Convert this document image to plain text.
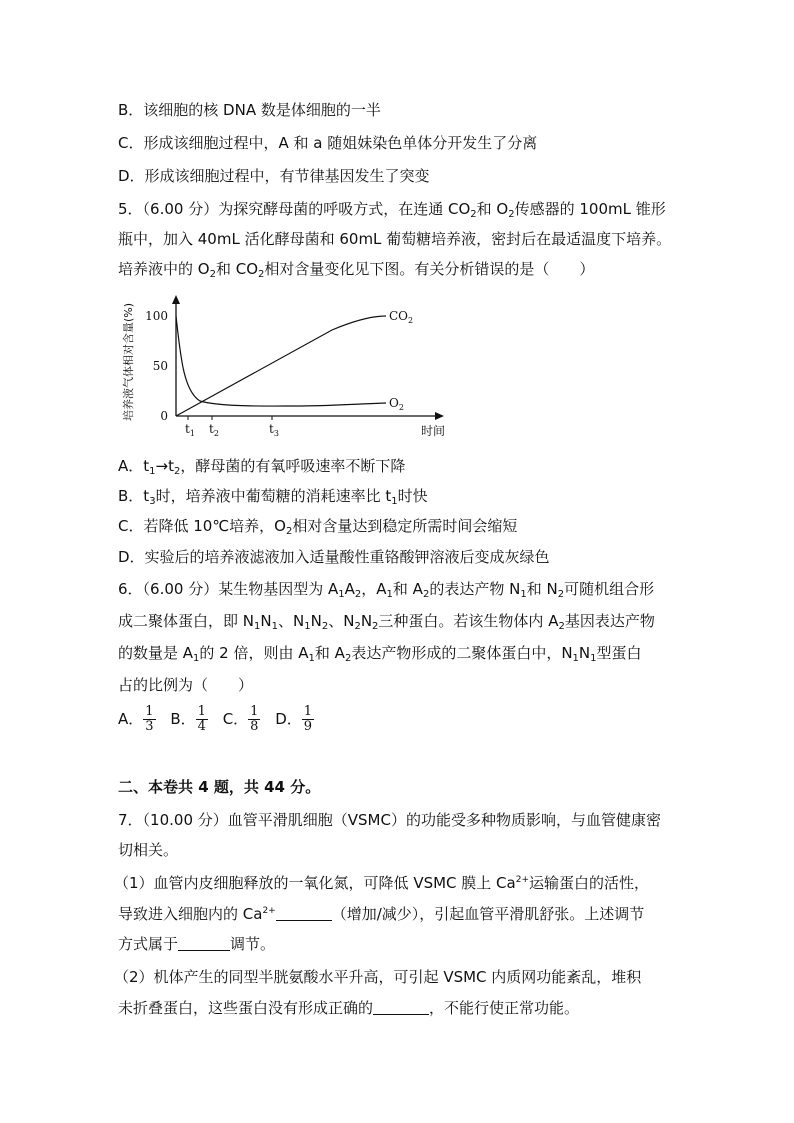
B．该细胞的核 DNA 数是体细胞的一半
C．形成该细胞过程中，A 和 a 随姐妹染色单体分开发生了分离
D．形成该细胞过程中，有节律基因发生了突变
5．（6.00 分）为探究酵母菌的呼吸方式，在连通 $CO_2$和 $O_2$传感器的 100mL 锥形
瓶中，加入 40mL 活化酵母菌和 60mL 葡萄糖培养液，密封后在最适温度下培养。
培养液中的 $O_2$和 $CO_2$相对含量变化见下图。有关分析错误的是（　　）
培养液气体相对含量(%)	$CO_2$
$O_2$
100
50
0
$t_1$ $t_2$	$t_3$	时间
A．$t_1\to t_2$，酵母菌的有氧呼吸速率不断下降
B．$t_3$时，培养液中葡萄糖的消耗速率比 $t_1$时快
C．若降低 10℃培养，$O_2$相对含量达到稳定所需时间会缩短
D．实验后的培养液滤液加入适量酸性重铬酸钾溶液后变成灰绿色
6．（6.00 分）某生物基因型为 $A_1A_2$，$A_1$和 $A_2$的表达产物 $N_1$和 $N_2$可随机组合形
成二聚体蛋白，即 $N_1N_1$、$N_1N_2$、$N_2N_2$三种蛋白。若该生物体内 $A_2$基因表达产物
的数量是 $A_1$的 2 倍，则由 $A_1$和 $A_2$表达产物形成的二聚体蛋白中，$N_1N_1$型蛋白
占的比例为（　　）
A． $\frac{1}{3}$ B． $\frac{1}{4}$ C． $\frac{1}{8}$ D． $\frac{1}{9}$
二、本卷共 4 题，共 44 分。
7．（10.00 分）血管平滑肌细胞（VSMC）的功能受多种物质影响，与血管健康密
切相关。
（1）血管内皮细胞释放的一氧化氮，可降低 VSMC 膜上 $Ca^{2+}$运输蛋白的活性，
导致进入细胞内的 $Ca^{2+}$	（增加/减少），引起血管平滑肌舒张。上述调节
方式属于	调节。
（2）机体产生的同型半胱氨酸水平升高，可引起 VSMC 内质网功能紊乱，堆积
未折叠蛋白，这些蛋白没有形成正确的	，不能行使正常功能。
